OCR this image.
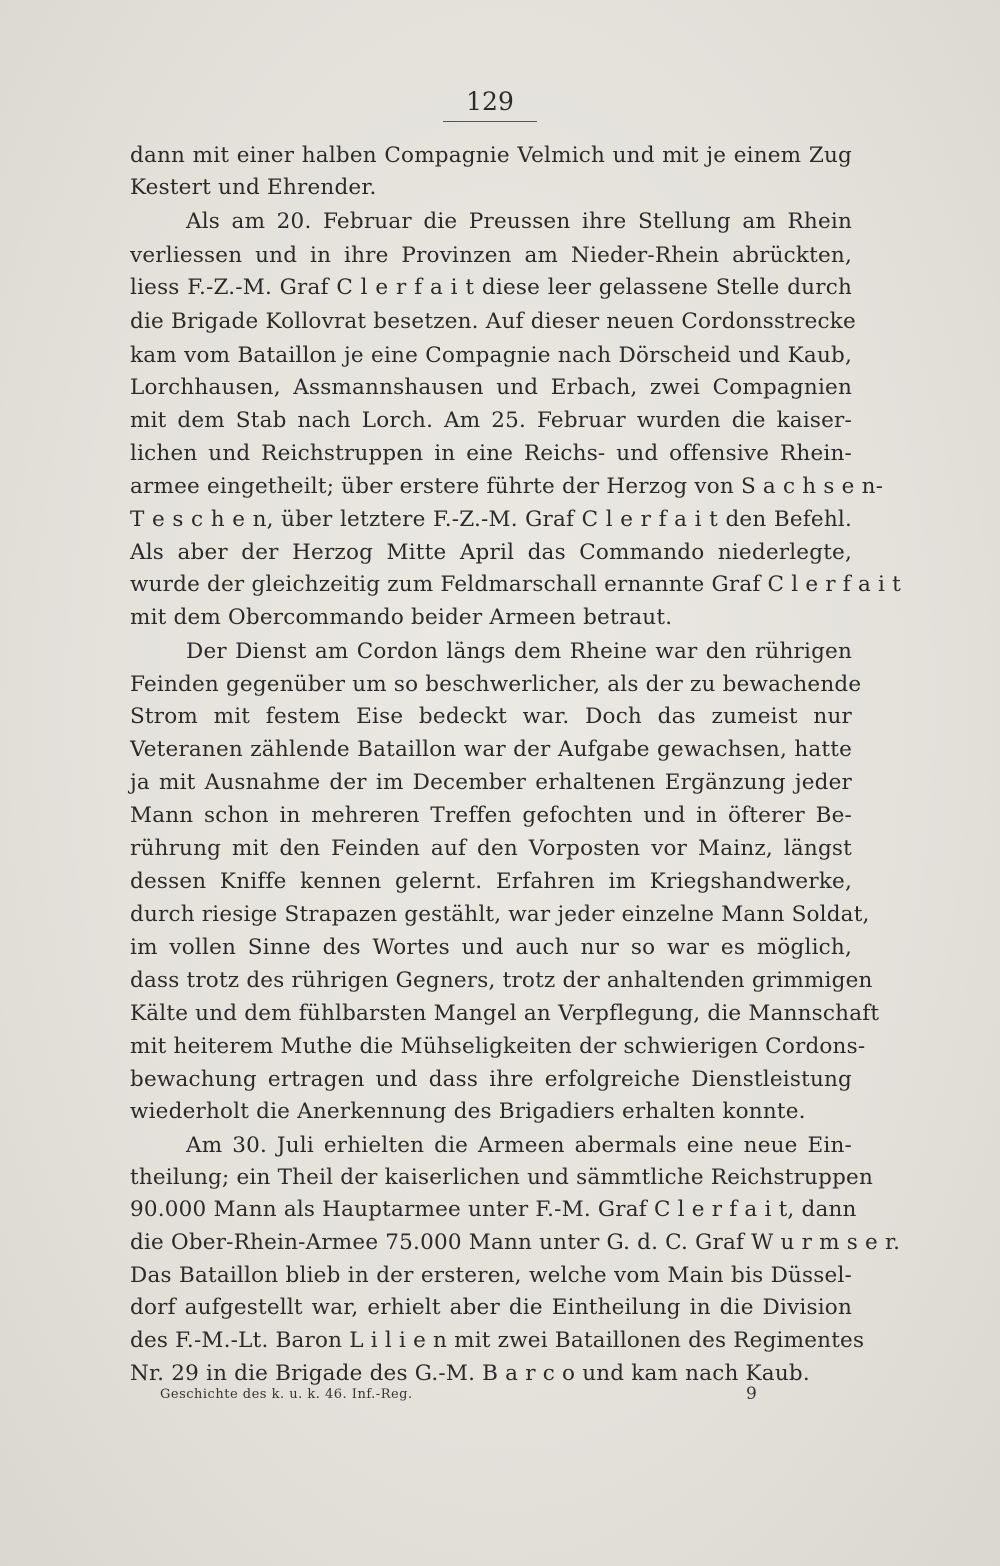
129
dann mit einer halben Compagnie Velmich und mit je einem Zug
Kestert und Ehrender.
Als am 20. Februar die Preussen ihre Stellung am Rhein
verliessen und in ihre Provinzen am Nieder-Rhein abrückten,
liess F.-Z.-M. Graf C l e r f a i t diese leer gelassene Stelle durch
die Brigade Kollovrat besetzen. Auf dieser neuen Cordonsstrecke
kam vom Bataillon je eine Compagnie nach Dörscheid und Kaub,
Lorchhausen, Assmannshausen und Erbach, zwei Compagnien
mit dem Stab nach Lorch. Am 25. Februar wurden die kaiser-
lichen und Reichstruppen in eine Reichs- und offensive Rhein-
armee eingetheilt; über erstere führte der Herzog von S a c h s e n-
T e s c h e n, über letztere F.-Z.-M. Graf C l e r f a i t den Befehl.
Als aber der Herzog Mitte April das Commando niederlegte,
wurde der gleichzeitig zum Feldmarschall ernannte Graf C l e r f a i t
mit dem Obercommando beider Armeen betraut.
Der Dienst am Cordon längs dem Rheine war den rührigen
Feinden gegenüber um so beschwerlicher, als der zu bewachende
Strom mit festem Eise bedeckt war. Doch das zumeist nur
Veteranen zählende Bataillon war der Aufgabe gewachsen, hatte
ja mit Ausnahme der im December erhaltenen Ergänzung jeder
Mann schon in mehreren Treffen gefochten und in öfterer Be-
rührung mit den Feinden auf den Vorposten vor Mainz, längst
dessen Kniffe kennen gelernt. Erfahren im Kriegshandwerke,
durch riesige Strapazen gestählt, war jeder einzelne Mann Soldat,
im vollen Sinne des Wortes und auch nur so war es möglich,
dass trotz des rührigen Gegners, trotz der anhaltenden grimmigen
Kälte und dem fühlbarsten Mangel an Verpflegung, die Mannschaft
mit heiterem Muthe die Mühseligkeiten der schwierigen Cordons-
bewachung ertragen und dass ihre erfolgreiche Dienstleistung
wiederholt die Anerkennung des Brigadiers erhalten konnte.
Am 30. Juli erhielten die Armeen abermals eine neue Ein-
theilung; ein Theil der kaiserlichen und sämmtliche Reichstruppen
90.000 Mann als Hauptarmee unter F.-M. Graf C l e r f a i t, dann
die Ober-Rhein-Armee 75.000 Mann unter G. d. C. Graf W u r m s e r.
Das Bataillon blieb in der ersteren, welche vom Main bis Düssel-
dorf aufgestellt war, erhielt aber die Eintheilung in die Division
des F.-M.-Lt. Baron L i l i e n mit zwei Bataillonen des Regimentes
Nr. 29 in die Brigade des G.-M. B a r c o und kam nach Kaub.
Geschichte des k. u. k. 46. Inf.-Reg.	9
